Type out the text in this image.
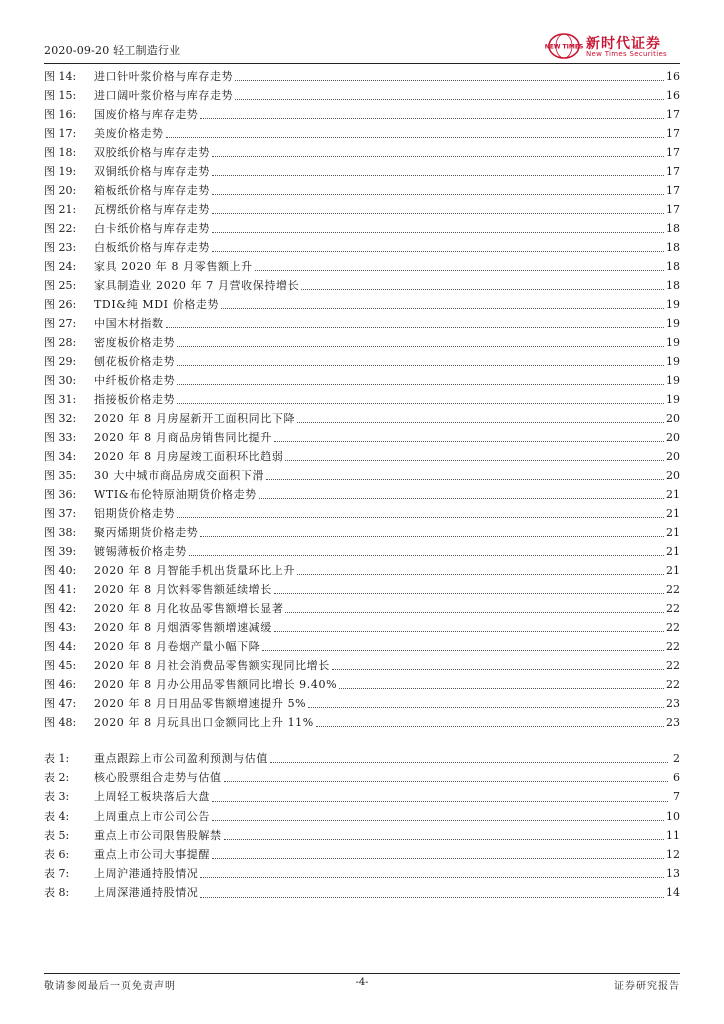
2020-09-20 轻工制造行业	NEW TIMES 新时代证券
New Times Securities
图 14:	进口针叶浆价格与库存走势	16
图 15:	进口阔叶浆价格与库存走势	16
图 16:	国废价格与库存走势	17
图 17:	美废价格走势	17
图 18:	双胶纸价格与库存走势	17
图 19:	双铜纸价格与库存走势	17
图 20:	箱板纸价格与库存走势	17
图 21:	瓦楞纸价格与库存走势	17
图 22:	白卡纸价格与库存走势	18
图 23:	白板纸价格与库存走势	18
图 24:	家具 2020 年 8 月零售额上升	18
图 25:	家具制造业 2020 年 7 月营收保持增长	18
图 26:	TDI&纯 MDI 价格走势	19
图 27:	中国木材指数	19
图 28:	密度板价格走势	19
图 29:	刨花板价格走势	19
图 30:	中纤板价格走势	19
图 31:	指接板价格走势	19
图 32:	2020 年 8 月房屋新开工面积同比下降	20
图 33:	2020 年 8 月商品房销售同比提升	20
图 34:	2020 年 8 月房屋竣工面积环比趋弱	20
图 35:	30 大中城市商品房成交面积下滑	20
图 36:	WTI&布伦特原油期货价格走势	21
图 37:	铝期货价格走势	21
图 38:	聚丙烯期货价格走势	21
图 39:	镀锡薄板价格走势	21
图 40:	2020 年 8 月智能手机出货量环比上升	21
图 41:	2020 年 8 月饮料零售额延续增长	22
图 42:	2020 年 8 月化妆品零售额增长显著	22
图 43:	2020 年 8 月烟酒零售额增速减缓	22
图 44:	2020 年 8 月卷烟产量小幅下降	22
图 45:	2020 年 8 月社会消费品零售额实现同比增长	22
图 46:	2020 年 8 月办公用品零售额同比增长 9.40%	22
图 47:	2020 年 8 月日用品零售额增速提升 5%	23
图 48:	2020 年 8 月玩具出口金额同比上升 11%	23
表 1:	重点跟踪上市公司盈利预测与估值	2
表 2:	核心股票组合走势与估值	6
表 3:	上周轻工板块落后大盘	7
表 4:	上周重点上市公司公告	10
表 5:	重点上市公司限售股解禁	11
表 6:	重点上市公司大事提醒	12
表 7:	上周沪港通持股情况	13
表 8:	上周深港通持股情况	14
敬请参阅最后一页免责声明	-4-	证券研究报告
